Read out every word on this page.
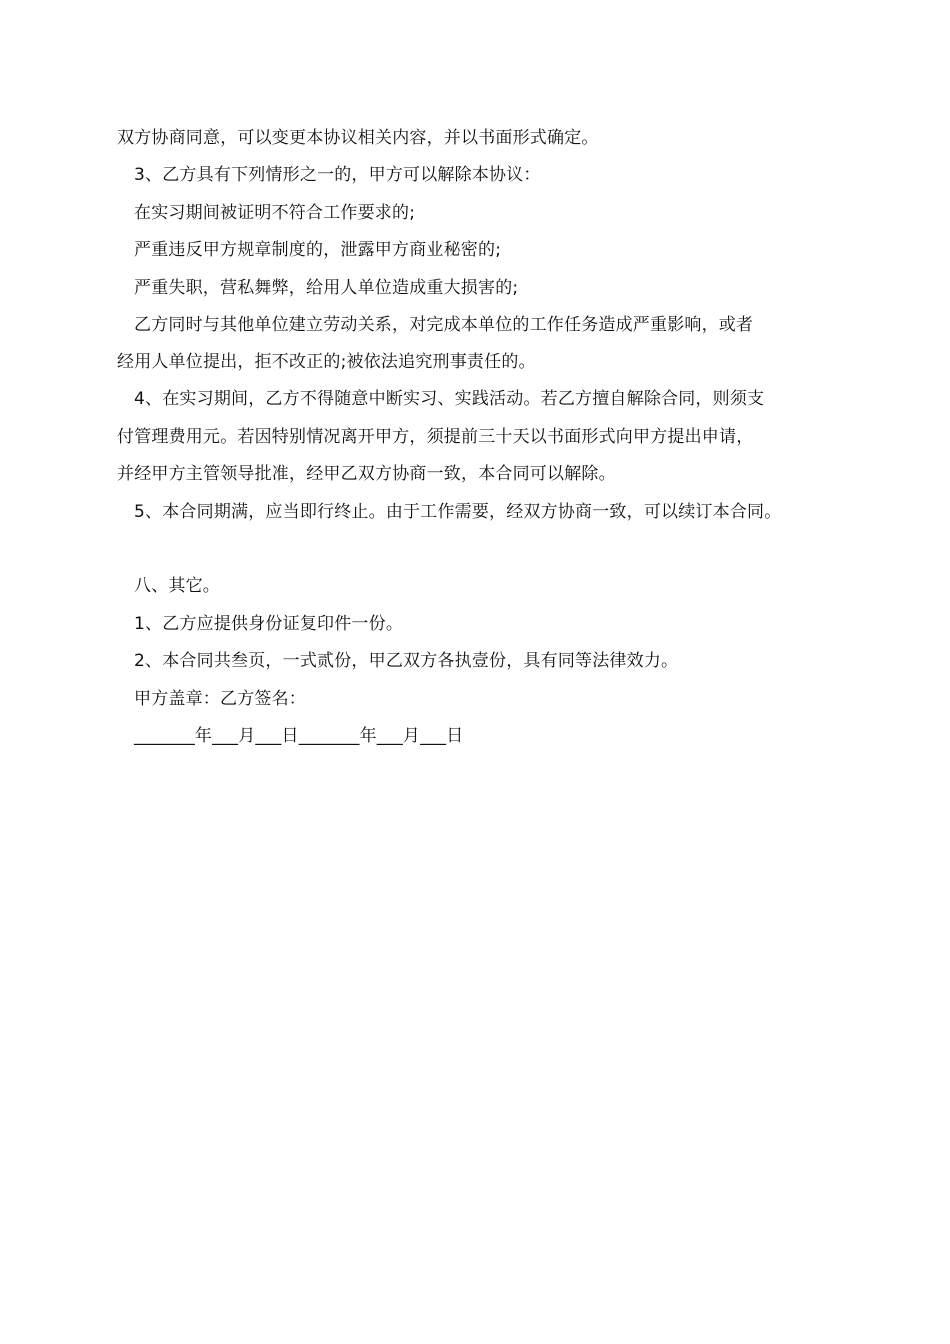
双方协商同意，可以变更本协议相关内容，并以书面形式确定。
3、乙方具有下列情形之一的，甲方可以解除本协议：
在实习期间被证明不符合工作要求的;
严重违反甲方规章制度的，泄露甲方商业秘密的;
严重失职，营私舞弊，给用人单位造成重大损害的;
乙方同时与其他单位建立劳动关系，对完成本单位的工作任务造成严重影响，或者
经用人单位提出，拒不改正的;被依法追究刑事责任的。
4、在实习期间，乙方不得随意中断实习、实践活动。若乙方擅自解除合同，则须支
付管理费用元。若因特别情况离开甲方，须提前三十天以书面形式向甲方提出申请，
并经甲方主管领导批准，经甲乙双方协商一致，本合同可以解除。
5、本合同期满，应当即行终止。由于工作需要，经双方协商一致，可以续订本合同。
八、其它。
1、乙方应提供身份证复印件一份。
2、本合同共叁页，一式贰份，甲乙双方各执壹份，具有同等法律效力。
甲方盖章：乙方签名：
_______年___月___日_______年___月___日
